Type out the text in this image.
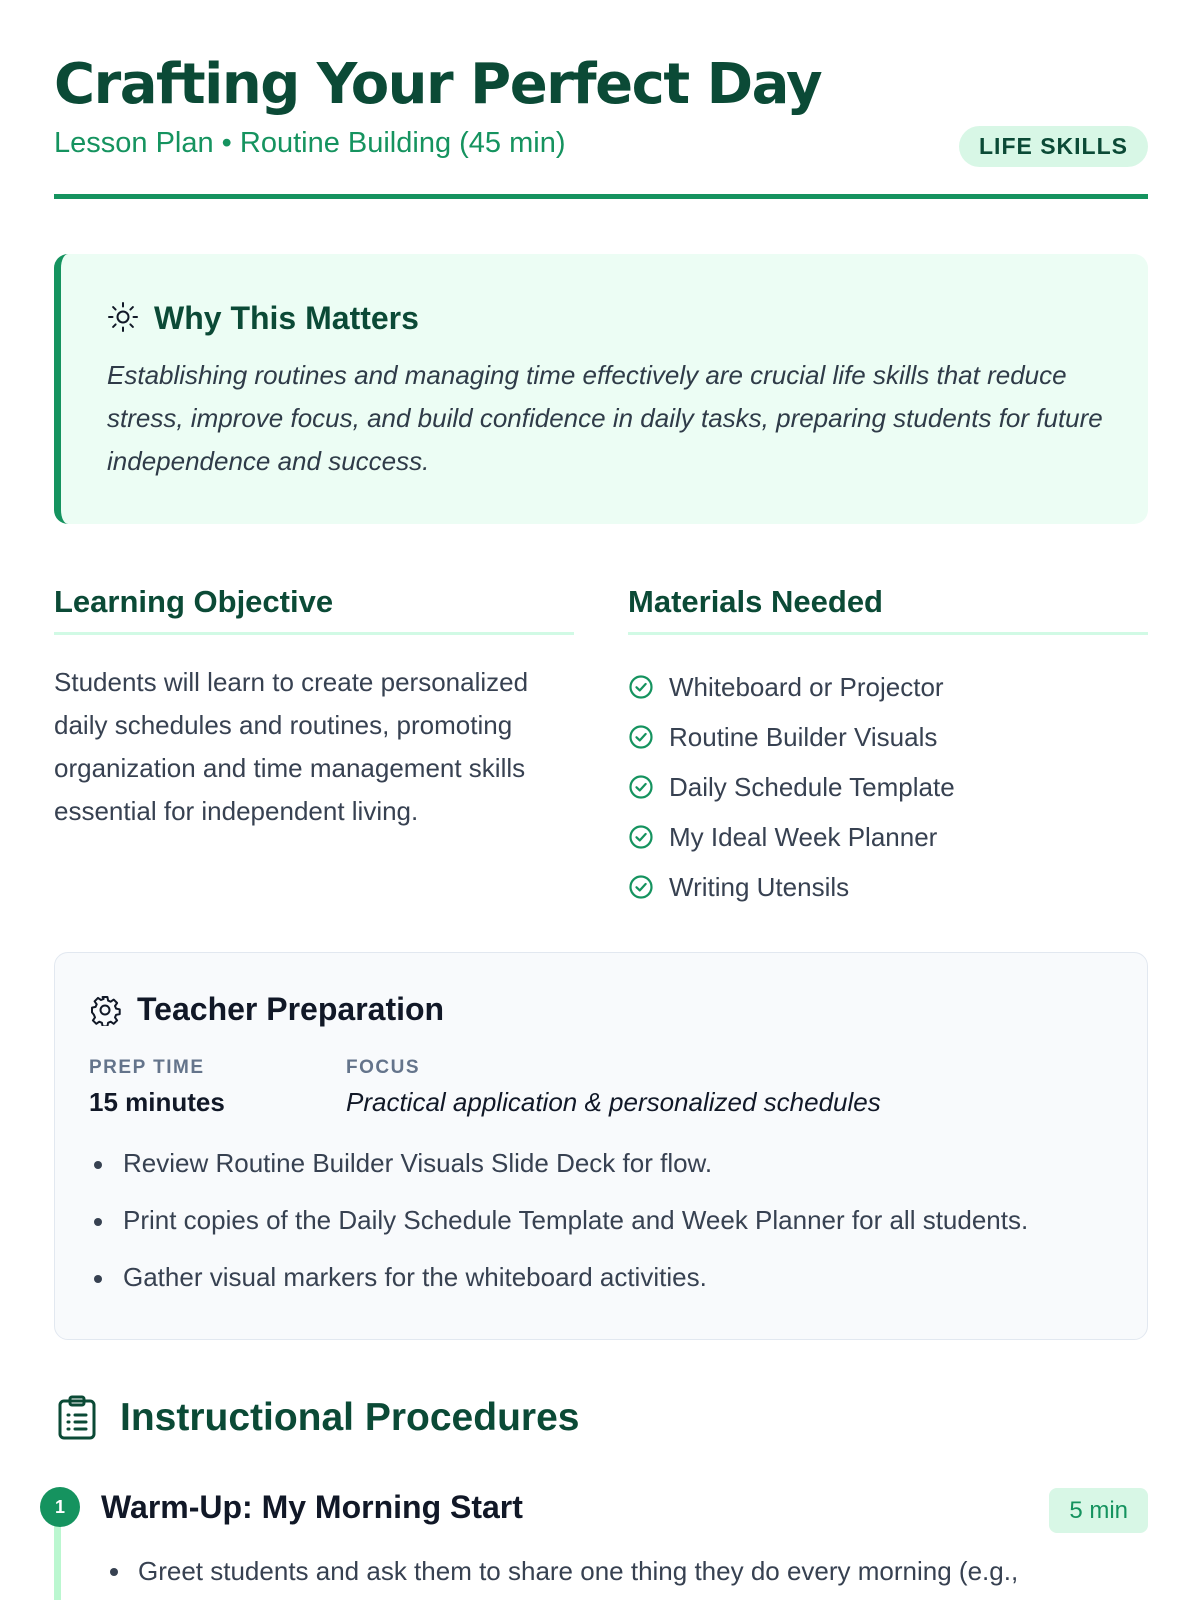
Crafting Your Perfect Day
Lesson Plan • Routine Building (45 min)	LIFE SKILLS
Why This Matters

Establishing routines and managing time effectively are crucial life skills that reduce stress, improve focus, and build confidence in daily tasks, preparing students for future independence and success.

Learning Objective

Students will learn to create personalized daily schedules and routines, promoting organization and time management skills essential for independent living.

Materials Needed
Whiteboard or Projector
Routine Builder Visuals
Daily Schedule Template
My Ideal Week Planner
Writing Utensils
Teacher Preparation
PREP TIME
15 minutes
FOCUS
Practical application & personalized schedules
Review Routine Builder Visuals Slide Deck for flow.
Print copies of the Daily Schedule Template and Week Planner for all students.
Gather visual markers for the whiteboard activities.
Instructional Procedures
1	Warm-Up: My Morning Start	5 min
Greet students and ask them to share one thing they do every morning (e.g.,
